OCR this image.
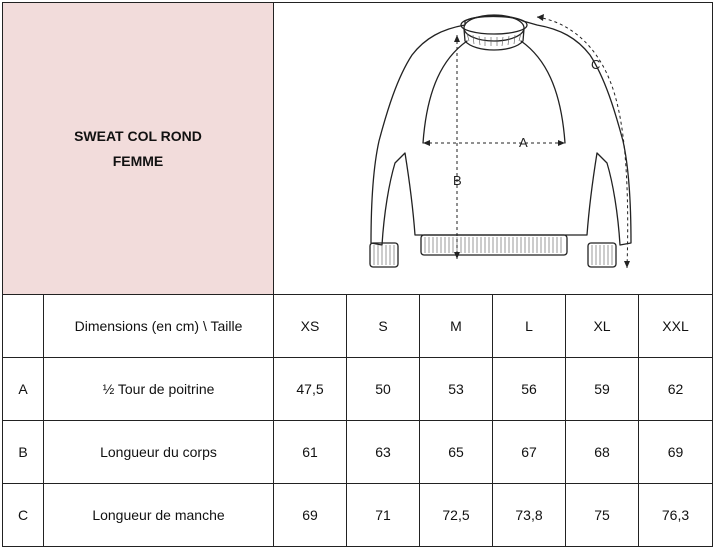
SWEAT COL ROND
FEMME		A
B
C					

	Dimensions (en cm) \ Taille	XS	S	M	L	XL	XXL
A	½ Tour de poitrine	47,5	50	53	56	59	62
B	Longueur du corps	61	63	65	67	68	69
C	Longueur de manche	69	71	72,5	73,8	75	76,3
